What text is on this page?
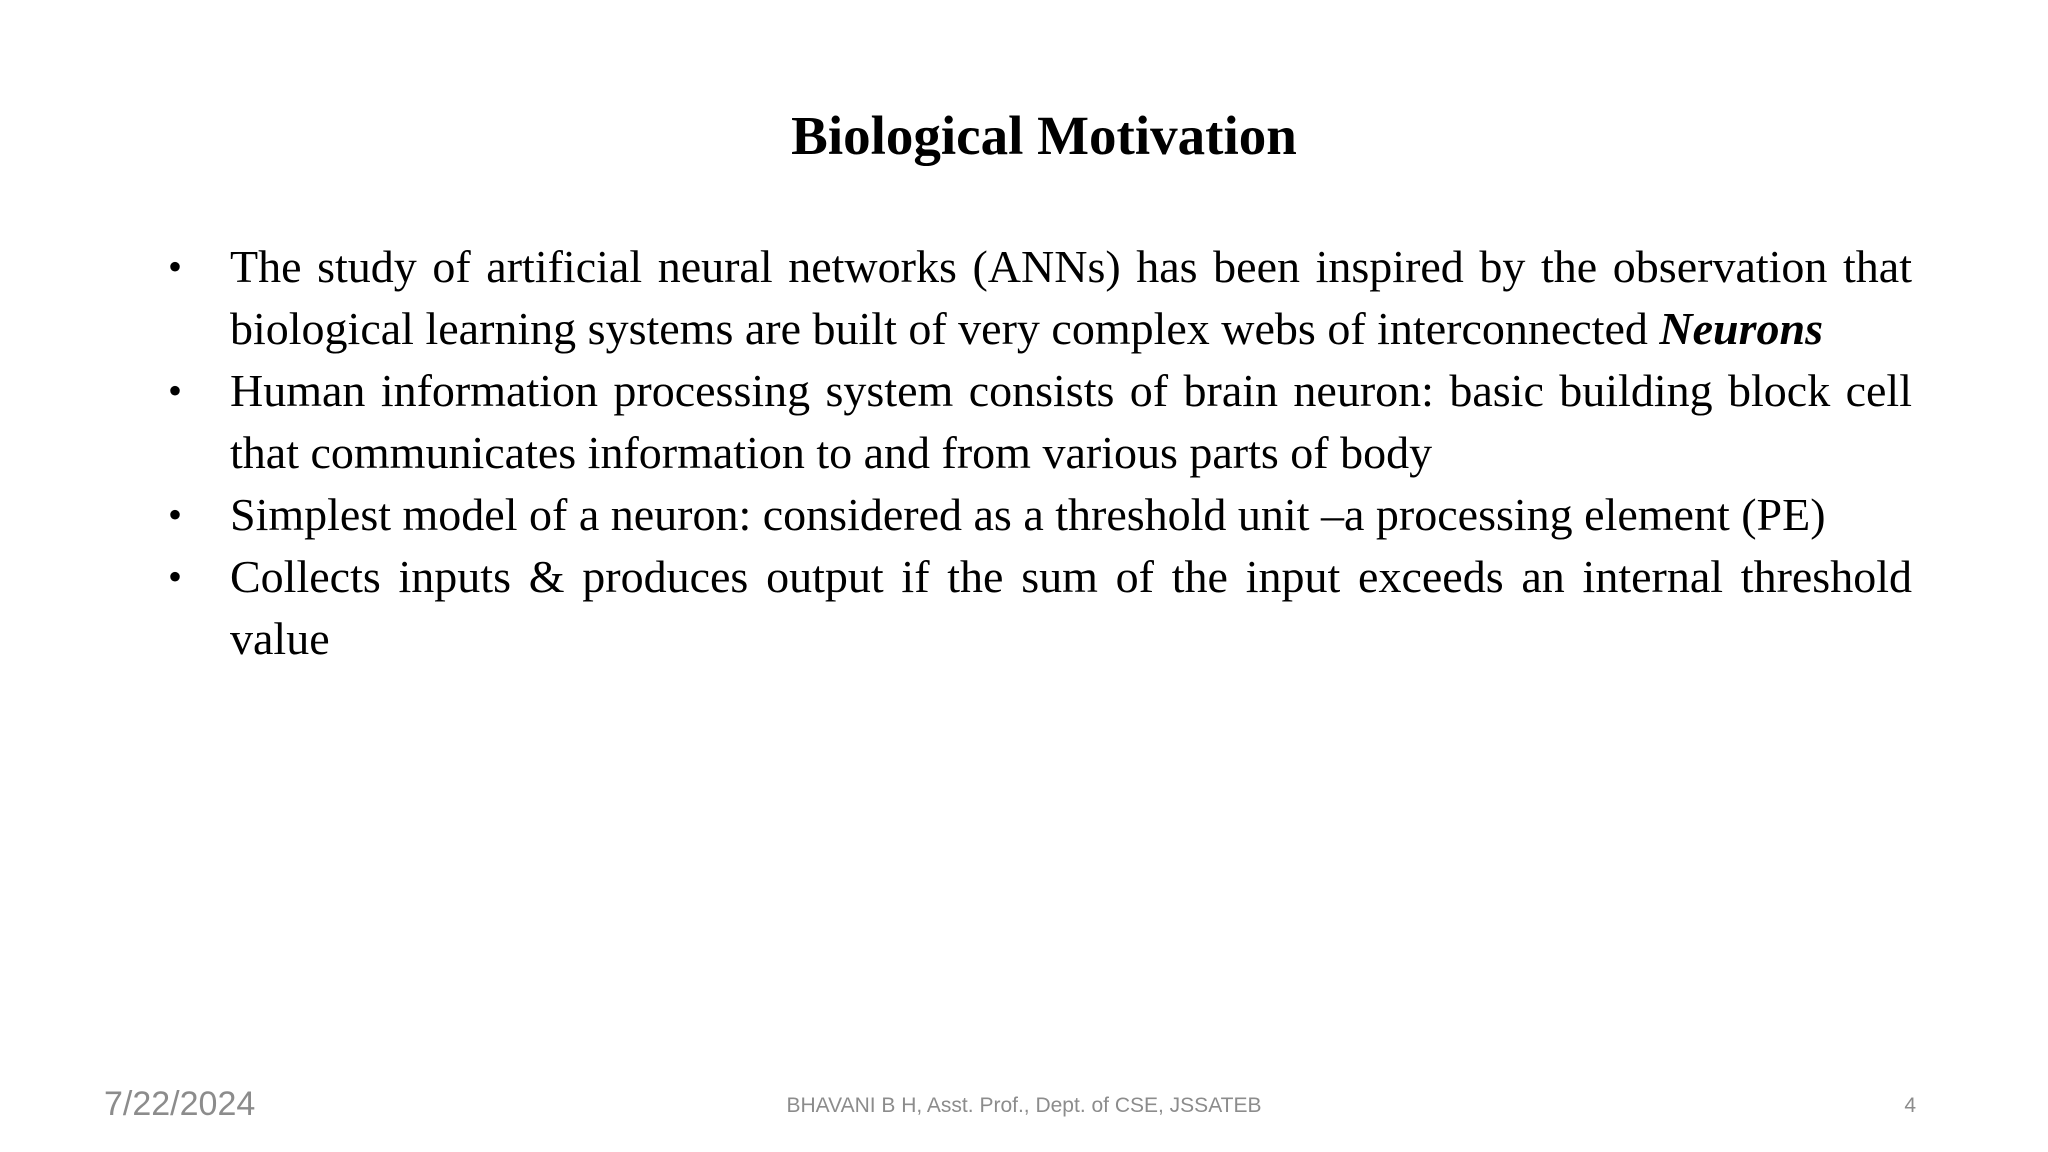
Biological Motivation
•	The study of artificial neural networks (ANNs) has been inspired by the observation that biological learning systems are built of very complex webs of interconnected Neurons
•	Human information processing system consists of brain neuron: basic building block cell that communicates information to and from various parts of body
•	Simplest model of a neuron: considered as a threshold unit –a processing element (PE)
•	Collects inputs & produces output if the sum of the input exceeds an internal threshold value
7/22/2024	BHAVANI B H, Asst. Prof., Dept. of CSE, JSSATEB	4
